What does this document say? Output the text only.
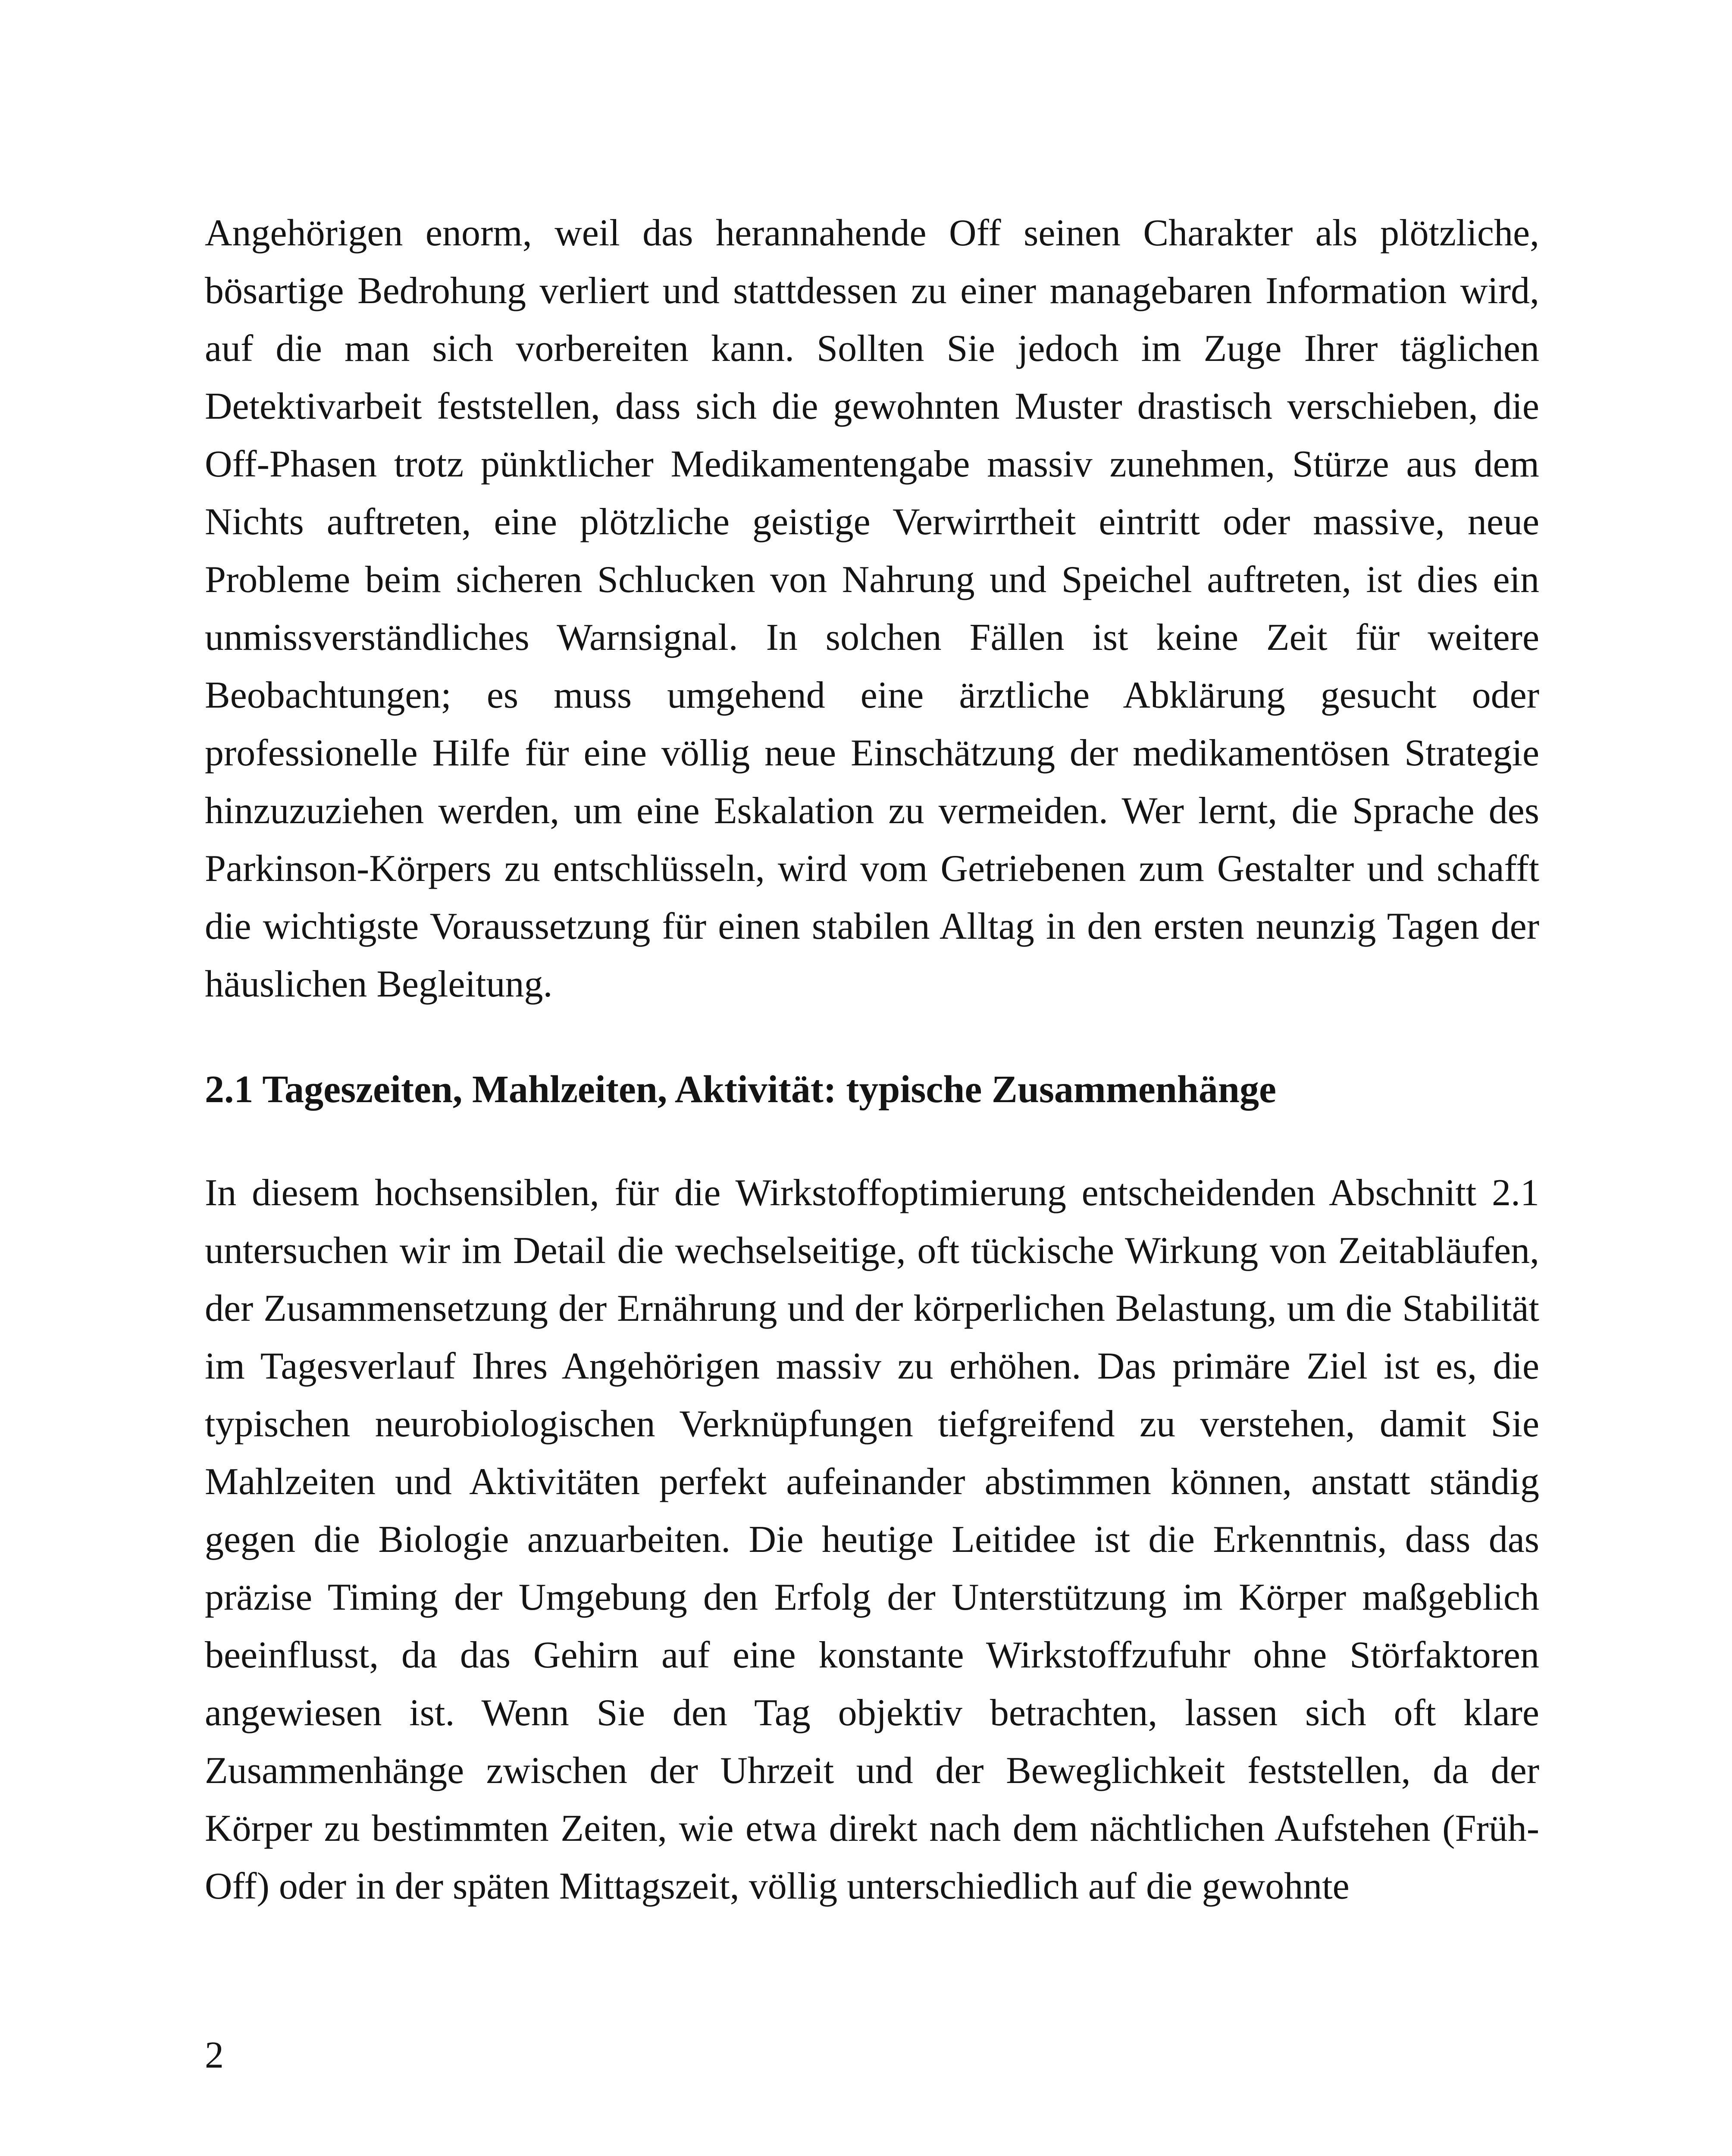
Angehörigen enorm, weil das herannahende Off seinen Charakter als plötzliche, bösartige Bedrohung verliert und stattdessen zu einer managebaren Information wird, auf die man sich vorbereiten kann. Sollten Sie jedoch im Zuge Ihrer täglichen Detektivarbeit feststellen, dass sich die gewohnten Muster drastisch verschieben, die Off-Phasen trotz pünktlicher Medikamentengabe massiv zunehmen, Stürze aus dem Nichts auftreten, eine plötzliche geistige Verwirrtheit eintritt oder massive, neue Probleme beim sicheren Schlucken von Nahrung und Speichel auftreten, ist dies ein unmissverständliches Warnsignal. In solchen Fällen ist keine Zeit für weitere Beobachtungen; es muss umgehend eine ärztliche Abklärung gesucht oder professionelle Hilfe für eine völlig neue Einschätzung der medikamentösen Strategie hinzuzuziehen werden, um eine Eskalation zu vermeiden. Wer lernt, die Sprache des Parkinson-Körpers zu entschlüsseln, wird vom Getriebenen zum Gestalter und schafft die wichtigste Voraussetzung für einen stabilen Alltag in den ersten neunzig Tagen der häuslichen Begleitung.

2.1 Tageszeiten, Mahlzeiten, Aktivität: typische Zusammenhänge

In diesem hochsensiblen, für die Wirkstoffoptimierung entscheidenden Abschnitt 2.1 untersuchen wir im Detail die wechselseitige, oft tückische Wirkung von Zeitabläufen, der Zusammensetzung der Ernährung und der körperlichen Belastung, um die Stabilität im Tagesverlauf Ihres Angehörigen massiv zu erhöhen. Das primäre Ziel ist es, die typischen neurobiologischen Verknüpfungen tiefgreifend zu verstehen, damit Sie Mahlzeiten und Aktivitäten perfekt aufeinander abstimmen können, anstatt ständig gegen die Biologie anzuarbeiten. Die heutige Leitidee ist die Erkenntnis, dass das präzise Timing der Umgebung den Erfolg der Unterstützung im Körper maßgeblich beeinflusst, da das Gehirn auf eine konstante Wirkstoffzufuhr ohne Störfaktoren angewiesen ist. Wenn Sie den Tag objektiv betrachten, lassen sich oft klare Zusammenhänge zwischen der Uhrzeit und der Beweglichkeit feststellen, da der Körper zu bestimmten Zeiten, wie etwa direkt nach dem nächtlichen Aufstehen (Früh-Off) oder in der späten Mittagszeit, völlig unterschiedlich auf die gewohnte

2
